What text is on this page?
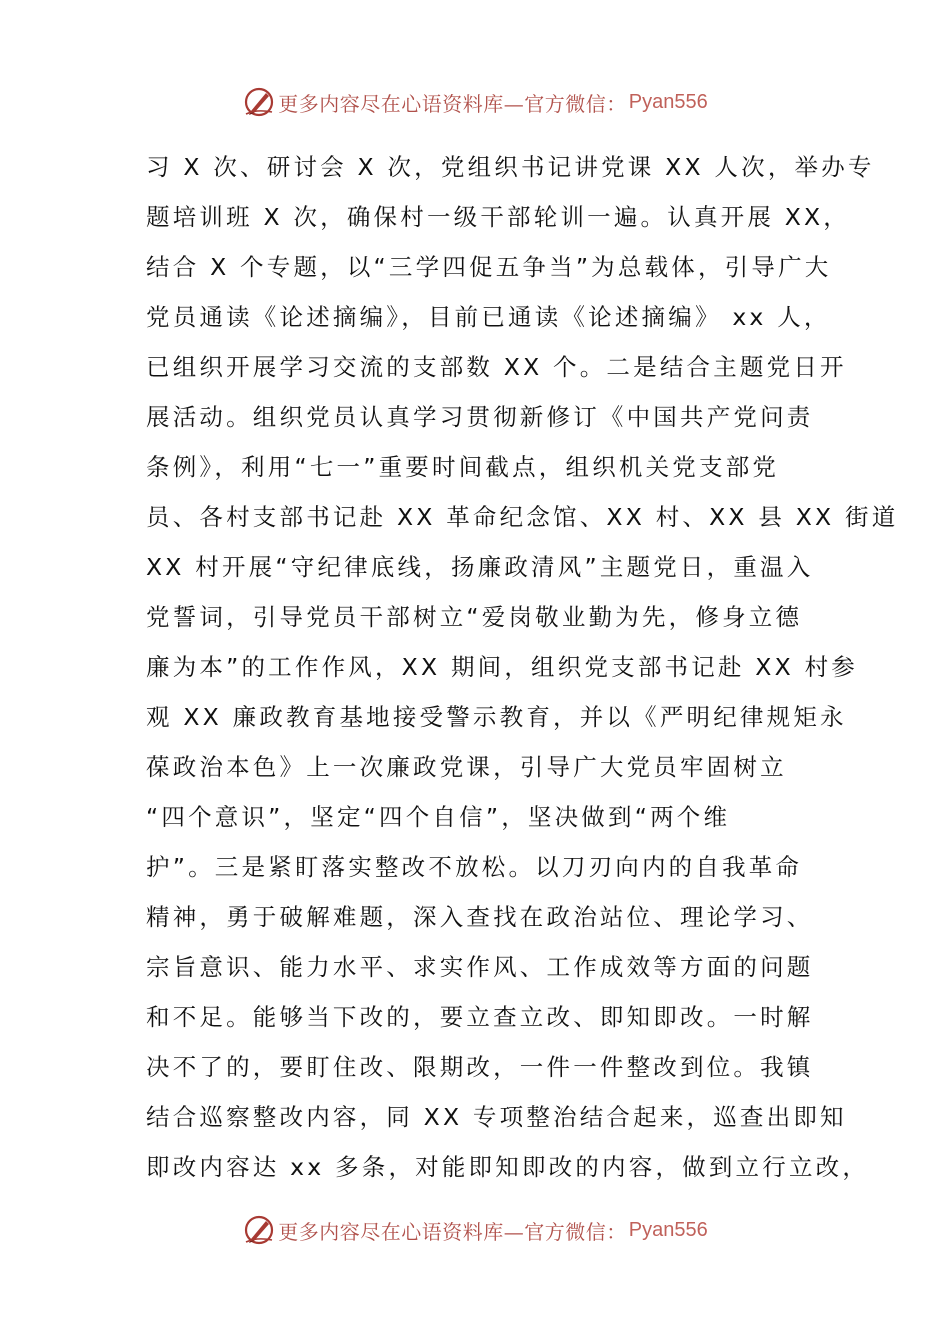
更多内容尽在心语资料库—官方微信： Pyan556
习 X 次、研讨会 X 次，党组织书记讲党课 XX 人次，举办专
题培训班 X 次，确保村一级干部轮训一遍。认真开展 XX，
结合 X 个专题，以“三学四促五争当”为总载体，引导广大
党员通读《论述摘编》，目前已通读《论述摘编》 xx 人，
已组织开展学习交流的支部数 XX 个。二是结合主题党日开
展活动。组织党员认真学习贯彻新修订《中国共产党问责
条例》，利用“七一”重要时间截点，组织机关党支部党
员、各村支部书记赴 XX 革命纪念馆、XX 村、XX 县 XX 街道
XX 村开展“守纪律底线，扬廉政清风”主题党日，重温入
党誓词，引导党员干部树立“爱岗敬业勤为先，修身立德
廉为本”的工作作风，XX 期间，组织党支部书记赴 XX 村参
观 XX 廉政教育基地接受警示教育，并以《严明纪律规矩永
葆政治本色》上一次廉政党课，引导广大党员牢固树立
“四个意识”，坚定“四个自信”，坚决做到“两个维
护”。三是紧盯落实整改不放松。以刀刃向内的自我革命
精神，勇于破解难题，深入查找在政治站位、理论学习、
宗旨意识、能力水平、求实作风、工作成效等方面的问题
和不足。能够当下改的，要立查立改、即知即改。一时解
决不了的，要盯住改、限期改，一件一件整改到位。我镇
结合巡察整改内容，同 XX 专项整治结合起来，巡查出即知
即改内容达 xx 多条，对能即知即改的内容，做到立行立改，
更多内容尽在心语资料库—官方微信： Pyan556
